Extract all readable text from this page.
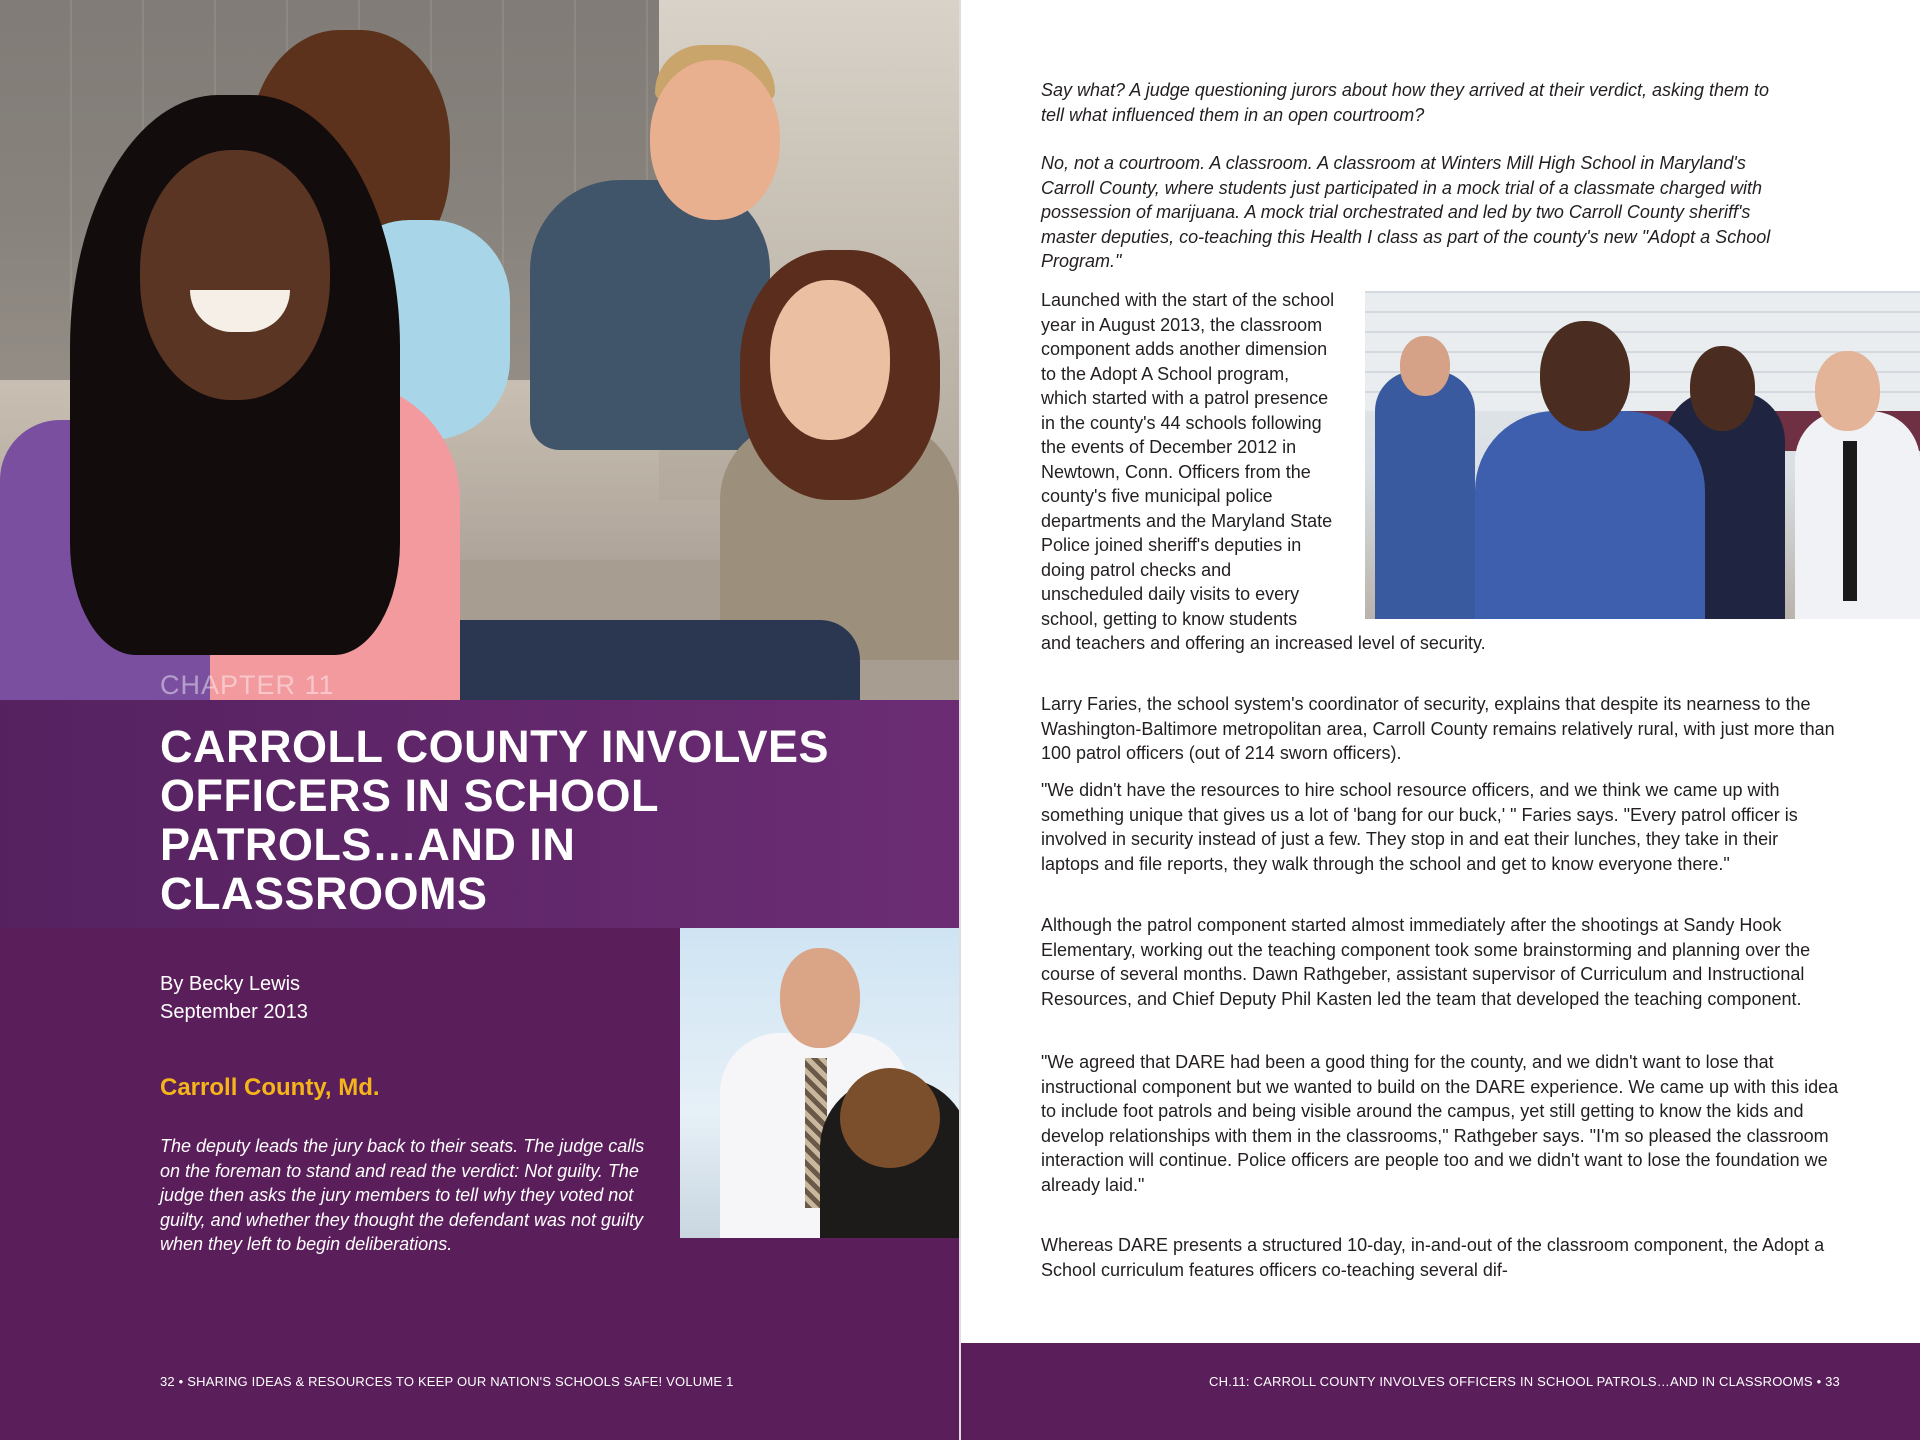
CHAPTER 11
CARROLL COUNTY INVOLVES OFFICERS IN SCHOOL PATROLS…AND IN CLASSROOMS
By Becky Lewis
September 2013
Carroll County, Md.

The deputy leads the jury back to their seats. The judge calls on the foreman to stand and read the verdict: Not guilty. The judge then asks the jury members to tell why they voted not guilty, and whether they thought the defendant was not guilty when they left to begin deliberations.

32 • SHARING IDEAS & RESOURCES TO KEEP OUR NATION'S SCHOOLS SAFE! VOLUME 1

Say what? A judge questioning jurors about how they arrived at their verdict, asking them to tell what influenced them in an open courtroom?

No, not a courtroom. A classroom. A classroom at Winters Mill High School in Maryland's Carroll County, where students just participated in a mock trial of a classmate charged with possession of marijuana. A mock trial orchestrated and led by two Carroll County sheriff's master deputies, co-teaching this Health I class as part of the county's new "Adopt a School Program."

Launched with the start of the school year in August 2013, the classroom component adds another dimension to the Adopt A School program, which started with a patrol presence in the county's 44 schools following the events of December 2012 in Newtown, Conn. Officers from the county's five municipal police departments and the Maryland State Police joined sheriff's deputies in doing patrol checks and unscheduled daily visits to every school, getting to know students

and teachers and offering an increased level of security.

Larry Faries, the school system's coordinator of security, explains that despite its nearness to the Washington-Baltimore metropolitan area, Carroll County remains relatively rural, with just more than 100 patrol officers (out of 214 sworn officers).

"We didn't have the resources to hire school resource officers, and we think we came up with something unique that gives us a lot of 'bang for our buck,' " Faries says. "Every patrol officer is involved in security instead of just a few. They stop in and eat their lunches, they take in their laptops and file reports, they walk through the school and get to know everyone there."

Although the patrol component started almost immediately after the shootings at Sandy Hook Elementary, working out the teaching component took some brainstorming and planning over the course of several months. Dawn Rathgeber, assistant supervisor of Curriculum and Instructional Resources, and Chief Deputy Phil Kasten led the team that developed the teaching component.

"We agreed that DARE had been a good thing for the county, and we didn't want to lose that instructional component but we wanted to build on the DARE experience. We came up with this idea to include foot patrols and being visible around the campus, yet still getting to know the kids and develop relationships with them in the classrooms," Rathgeber says. "I'm so pleased the classroom interaction will continue. Police officers are people too and we didn't want to lose the foundation we already laid."

Whereas DARE presents a structured 10-day, in-and-out of the classroom component, the Adopt a School curriculum features officers co-teaching several dif-

CH.11: CARROLL COUNTY INVOLVES OFFICERS IN SCHOOL PATROLS…AND IN CLASSROOMS • 33
